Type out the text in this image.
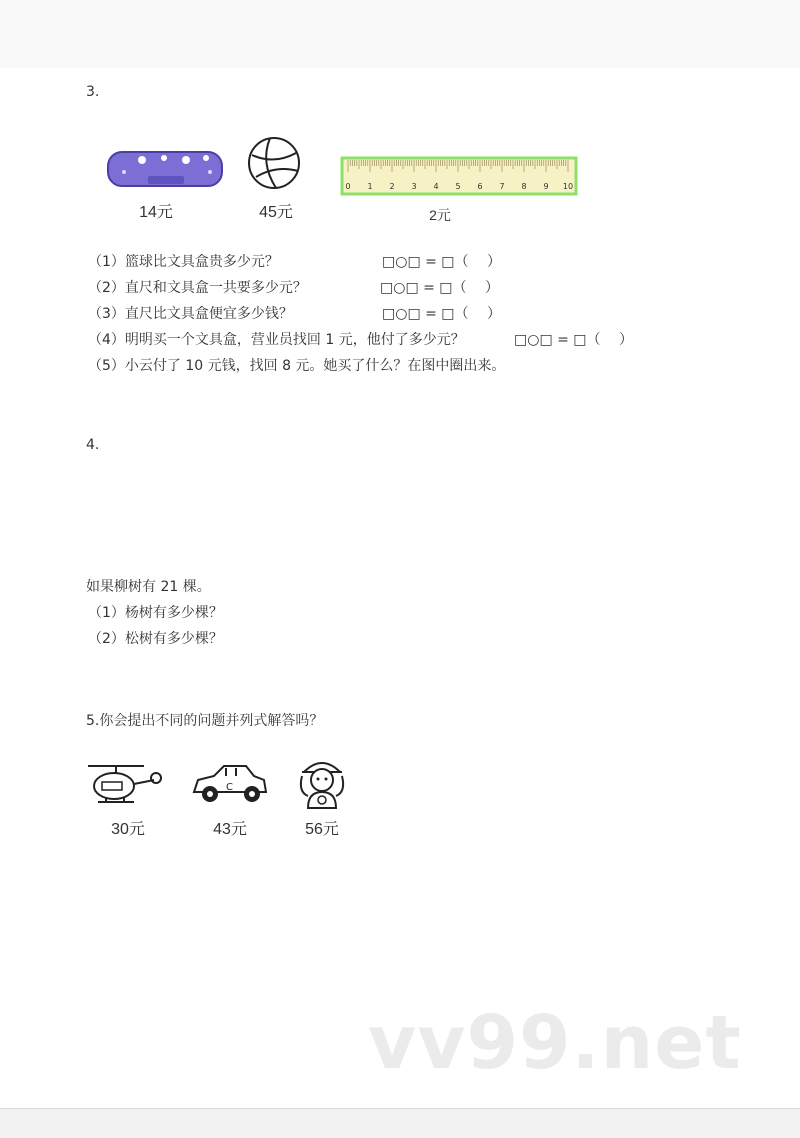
3.
14元	45元
0 1 2 3 4 5 6 7 8 9 10
2元
（1）篮球比文具盒贵多少元？	□○□ = □（　 ）
（2）直尺和文具盒一共要多少元？	□○□ = □（　 ）
（3）直尺比文具盒便宜多少钱？	□○□ = □（　 ）
（4）明明买一个文具盒，营业员找回 1 元，他付了多少元？	□○□ = □（　 ）
（5）小云付了 10 元钱，找回 8 元。她买了什么？在图中圈出来。
4.
如果柳树有 21 棵。
（1）杨树有多少棵？
（2）松树有多少棵？
5.你会提出不同的问题并列式解答吗？
30元
C
43元	56元
vv99.net
